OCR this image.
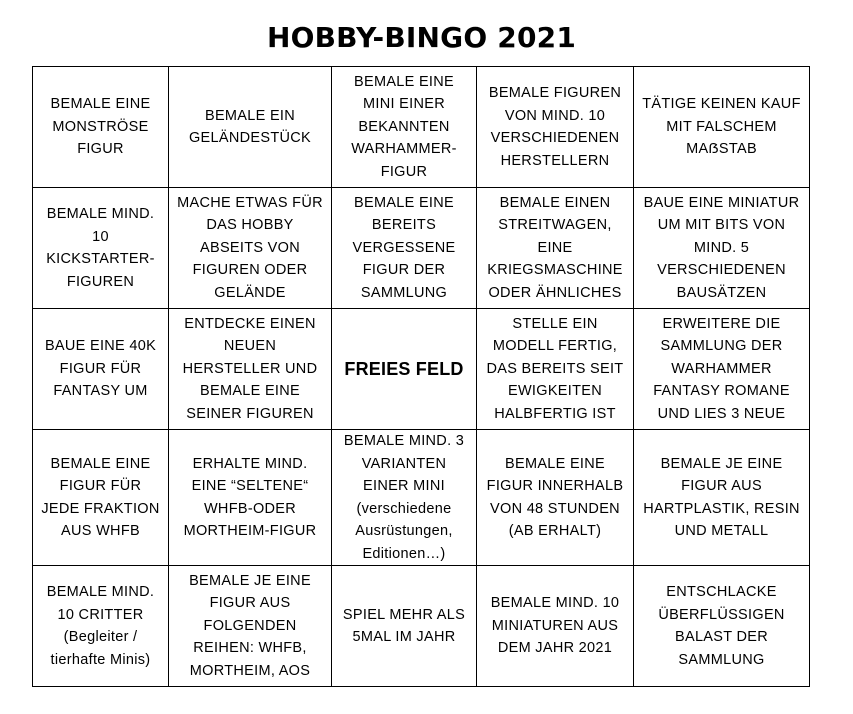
HOBBY-BINGO 2021
BEMALE EINE MONSTRÖSE FIGUR	BEMALE EIN GELÄNDESTÜCK	BEMALE EINE MINI EINER BEKANNTEN WARHAMMER-FIGUR	BEMALE FIGUREN VON MIND. 10 VERSCHIEDENEN HERSTELLERN	TÄTIGE KEINEN KAUF MIT FALSCHEM MAẞSTAB
BEMALE MIND. 10 KICKSTARTER-FIGUREN	MACHE ETWAS FÜR DAS HOBBY ABSEITS VON FIGUREN ODER GELÄNDE	BEMALE EINE BEREITS VERGESSENE FIGUR DER SAMMLUNG	BEMALE EINEN STREITWAGEN, EINE KRIEGSMASCHINE ODER ÄHNLICHES	BAUE EINE MINIATUR UM MIT BITS VON MIND. 5 VERSCHIEDENEN BAUSÄTZEN
BAUE EINE 40K FIGUR FÜR FANTASY UM	ENTDECKE EINEN NEUEN HERSTELLER UND BEMALE EINE SEINER FIGUREN	FREIES FELD	STELLE EIN MODELL FERTIG, DAS BEREITS SEIT EWIGKEITEN HALBFERTIG IST	ERWEITERE DIE SAMMLUNG DER WARHAMMER FANTASY ROMANE UND LIES 3 NEUE
BEMALE EINE FIGUR FÜR JEDE FRAKTION AUS WHFB	ERHALTE MIND. EINE “SELTENE“ WHFB-ODER MORTHEIM-FIGUR	BEMALE MIND. 3 VARIANTEN EINER MINI (verschiedene Ausrüstungen, Editionen…)	BEMALE EINE FIGUR INNERHALB VON 48 STUNDEN (AB ERHALT)	BEMALE JE EINE FIGUR AUS HARTPLASTIK, RESIN UND METALL
BEMALE MIND. 10 CRITTER (Begleiter / tierhafte Minis)	BEMALE JE EINE FIGUR AUS FOLGENDEN REIHEN: WHFB, MORTHEIM, AOS	SPIEL MEHR ALS 5MAL IM JAHR	BEMALE MIND. 10 MINIATUREN AUS DEM JAHR 2021	ENTSCHLACKE ÜBERFLÜSSIGEN BALAST DER SAMMLUNG
